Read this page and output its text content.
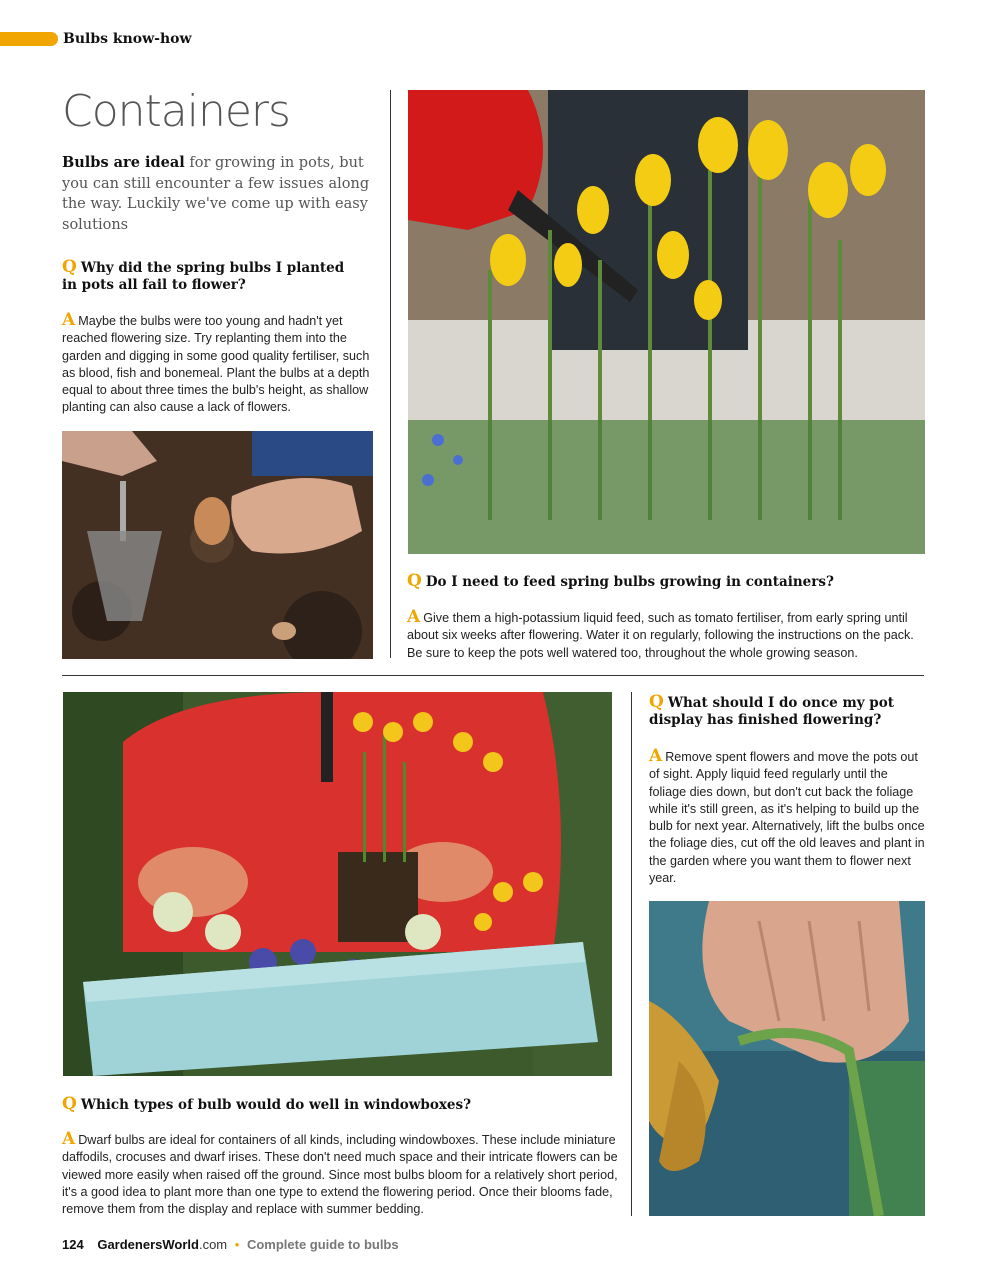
Bulbs know-how
Containers
Bulbs are ideal for growing in pots, but you can still encounter a few issues along the way. Luckily we've come up with easy solutions
Q Why did the spring bulbs I planted in pots all fail to flower?
A Maybe the bulbs were too young and hadn't yet reached flowering size. Try replanting them into the garden and digging in some good quality fertiliser, such as blood, fish and bonemeal. Plant the bulbs at a depth equal to about three times the bulb's height, as shallow planting can also cause a lack of flowers.
Q Do I need to feed spring bulbs growing in containers?
A Give them a high-potassium liquid feed, such as tomato fertiliser, from early spring until about six weeks after flowering. Water it on regularly, following the instructions on the pack. Be sure to keep the pots well watered too, throughout the whole growing season.
Q Which types of bulb would do well in windowboxes?
A Dwarf bulbs are ideal for containers of all kinds, including windowboxes. These include miniature daffodils, crocuses and dwarf irises. These don't need much space and their intricate flowers can be viewed more easily when raised off the ground. Since most bulbs bloom for a relatively short period, it's a good idea to plant more than one type to extend the flowering period. Once their blooms fade, remove them from the display and replace with summer bedding.
Q What should I do once my pot display has finished flowering?
A Remove spent flowers and move the pots out of sight. Apply liquid feed regularly until the foliage dies down, but don't cut back the foliage while it's still green, as it's helping to build up the bulb for next year. Alternatively, lift the bulbs once the foliage dies, cut off the old leaves and plant in the garden where you want them to flower next year.
124 GardenersWorld.com • Complete guide to bulbs
